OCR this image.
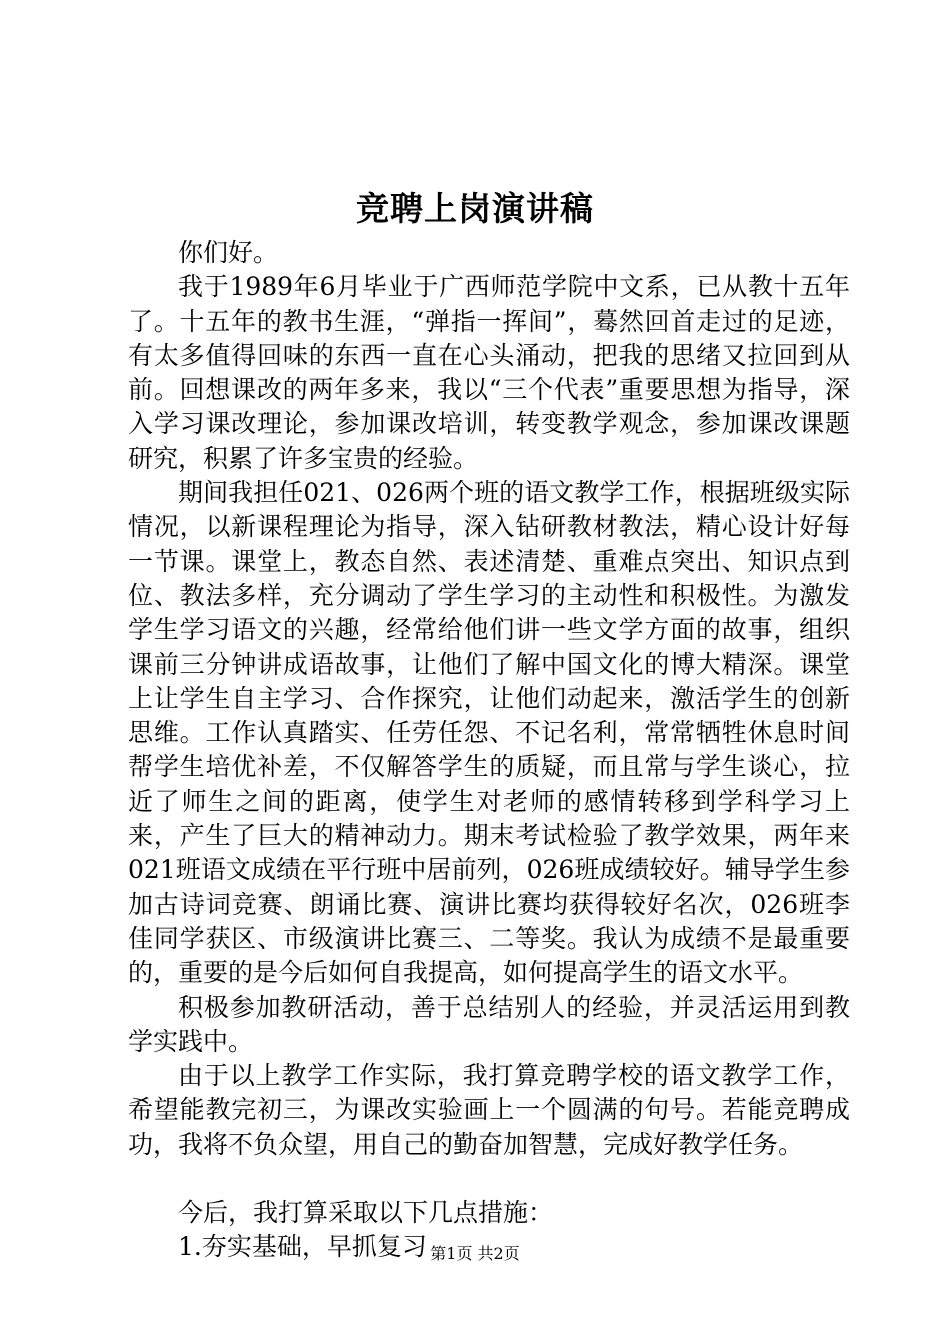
竞聘上岗演讲稿

你们好。

我于1989年6月毕业于广西师范学院中文系，已从教十五年了。十五年的教书生涯，“弹指一挥间”，蓦然回首走过的足迹，有太多值得回味的东西一直在心头涌动，把我的思绪又拉回到从前。回想课改的两年多来，我以“三个代表”重要思想为指导，深入学习课改理论，参加课改培训，转变教学观念，参加课改课题研究，积累了许多宝贵的经验。

期间我担任021、026两个班的语文教学工作，根据班级实际情况，以新课程理论为指导，深入钻研教材教法，精心设计好每一节课。课堂上，教态自然、表述清楚、重难点突出、知识点到位、教法多样，充分调动了学生学习的主动性和积极性。为激发学生学习语文的兴趣，经常给他们讲一些文学方面的故事，组织课前三分钟讲成语故事，让他们了解中国文化的博大精深。课堂上让学生自主学习、合作探究，让他们动起来，激活学生的创新思维。工作认真踏实、任劳任怨、不记名利，常常牺牲休息时间帮学生培优补差，不仅解答学生的质疑，而且常与学生谈心，拉近了师生之间的距离，使学生对老师的感情转移到学科学习上来，产生了巨大的精神动力。期末考试检验了教学效果，两年来021班语文成绩在平行班中居前列，026班成绩较好。辅导学生参加古诗词竞赛、朗诵比赛、演讲比赛均获得较好名次，026班李佳同学获区、市级演讲比赛三、二等奖。我认为成绩不是最重要的，重要的是今后如何自我提高，如何提高学生的语文水平。

积极参加教研活动，善于总结别人的经验，并灵活运用到教学实践中。

由于以上教学工作实际，我打算竞聘学校的语文教学工作，希望能教完初三，为课改实验画上一个圆满的句号。若能竞聘成功，我将不负众望，用自己的勤奋加智慧，完成好教学任务。

今后，我打算采取以下几点措施：

1.夯实基础，早抓复习 第1页 共2页
